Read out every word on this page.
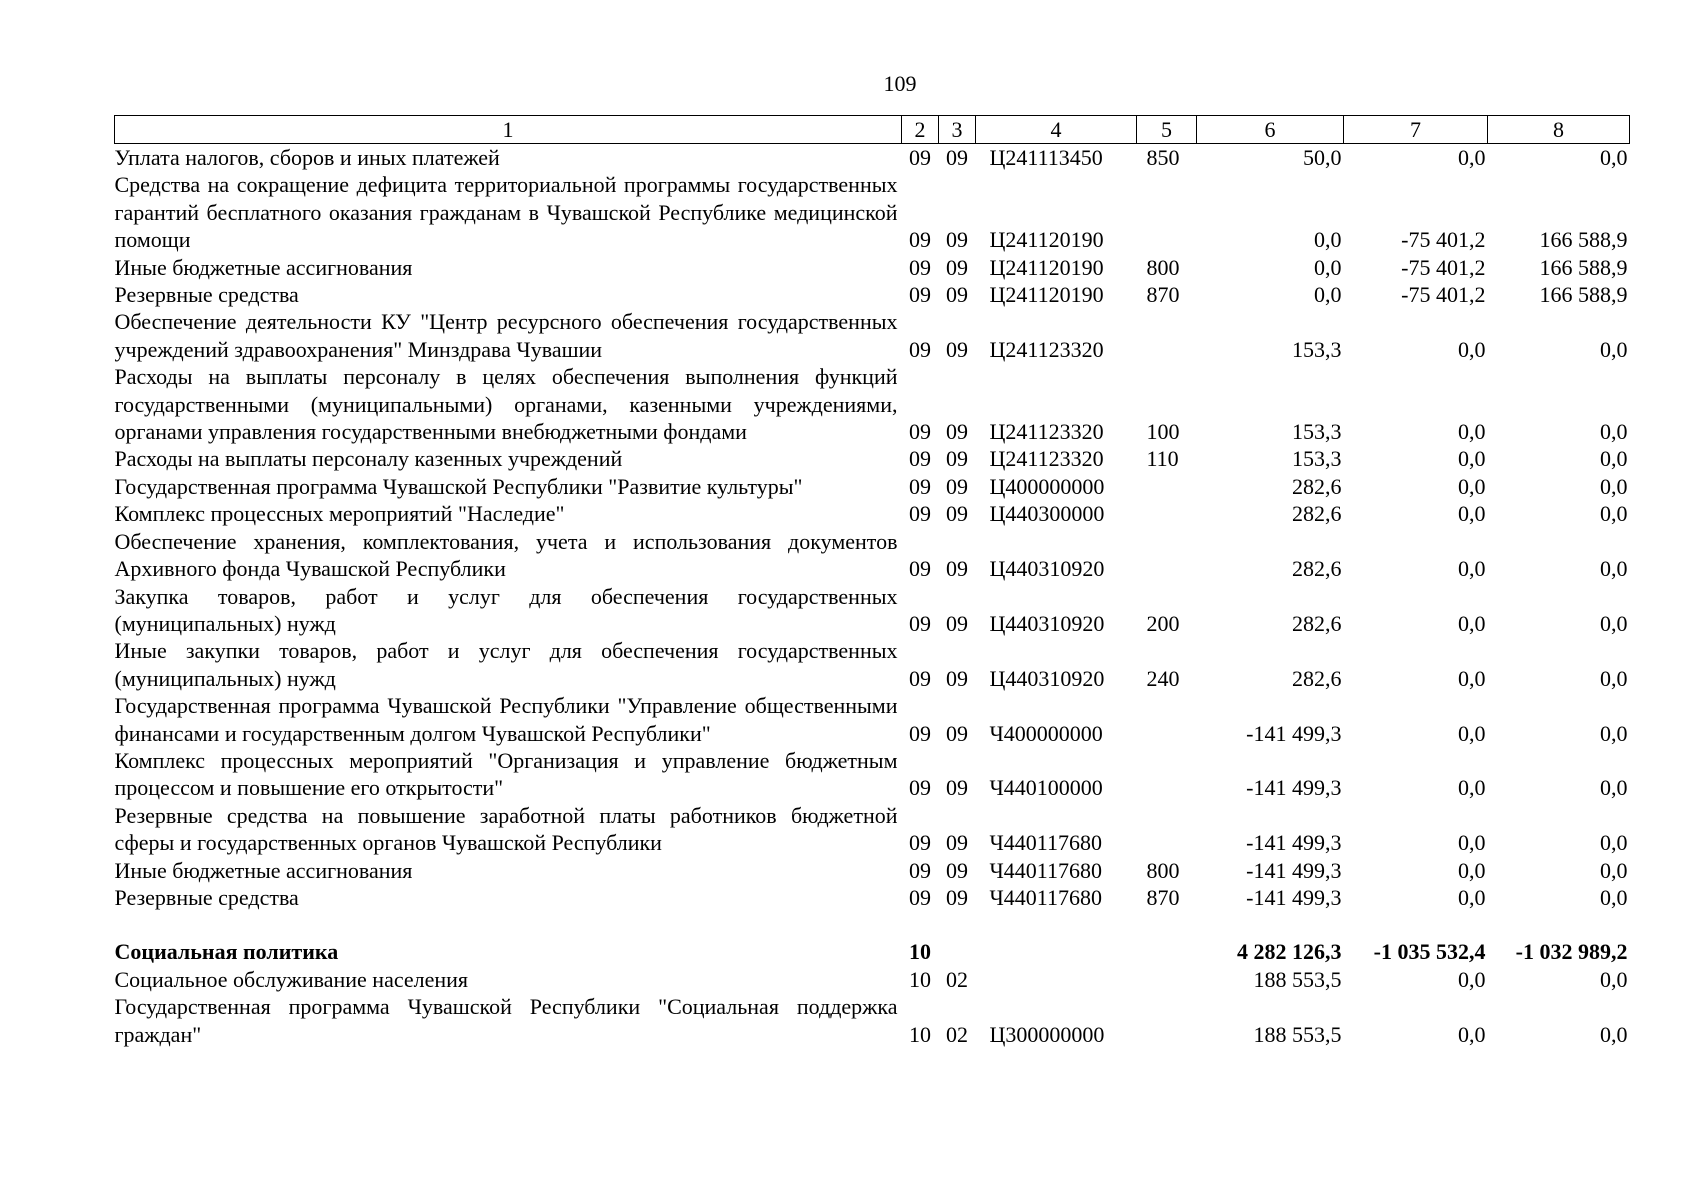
109
1	2	3	4	5	6	7	8
Уплата налогов, сборов и иных платежей	09	09	Ц241113450	850	50,0	0,0	0,0
Средства на сокращение дефицита территориальной программы государственных гарантий бесплатного оказания гражданам в Чувашской Республике медицинской помощи	09	09	Ц241120190		0,0	-75 401,2	166 588,9
Иные бюджетные ассигнования	09	09	Ц241120190	800	0,0	-75 401,2	166 588,9
Резервные средства	09	09	Ц241120190	870	0,0	-75 401,2	166 588,9
Обеспечение деятельности КУ "Центр ресурсного обеспечения государственных учреждений здравоохранения" Минздрава Чувашии	09	09	Ц241123320		153,3	0,0	0,0
Расходы на выплаты персоналу в целях обеспечения выполнения функций государственными (муниципальными) органами, казенными учреждениями, органами управления государственными внебюджетными фондами	09	09	Ц241123320	100	153,3	0,0	0,0
Расходы на выплаты персоналу казенных учреждений	09	09	Ц241123320	110	153,3	0,0	0,0
Государственная программа Чувашской Республики "Развитие культуры"	09	09	Ц400000000		282,6	0,0	0,0
Комплекс процессных мероприятий "Наследие"	09	09	Ц440300000		282,6	0,0	0,0
Обеспечение хранения, комплектования, учета и использования документов Архивного фонда Чувашской Республики	09	09	Ц440310920		282,6	0,0	0,0
Закупка товаров, работ и услуг для обеспечения государственных (муниципальных) нужд	09	09	Ц440310920	200	282,6	0,0	0,0
Иные закупки товаров, работ и услуг для обеспечения государственных (муниципальных) нужд	09	09	Ц440310920	240	282,6	0,0	0,0
Государственная программа Чувашской Республики "Управление общественными финансами и государственным долгом Чувашской Республики"	09	09	Ч400000000		-141 499,3	0,0	0,0
Комплекс процессных мероприятий "Организация и управление бюджетным процессом и повышение его открытости"	09	09	Ч440100000		-141 499,3	0,0	0,0
Резервные средства на повышение заработной платы работников бюджетной сферы и государственных органов Чувашской Республики	09	09	Ч440117680		-141 499,3	0,0	0,0
Иные бюджетные ассигнования	09	09	Ч440117680	800	-141 499,3	0,0	0,0
Резервные средства	09	09	Ч440117680	870	-141 499,3	0,0	0,0

Социальная политика	10				4 282 126,3	-1 035 532,4	-1 032 989,2
Социальное обслуживание населения	10	02			188 553,5	0,0	0,0
Государственная программа Чувашской Республики "Социальная поддержка граждан"	10	02	Ц300000000		188 553,5	0,0	0,0
